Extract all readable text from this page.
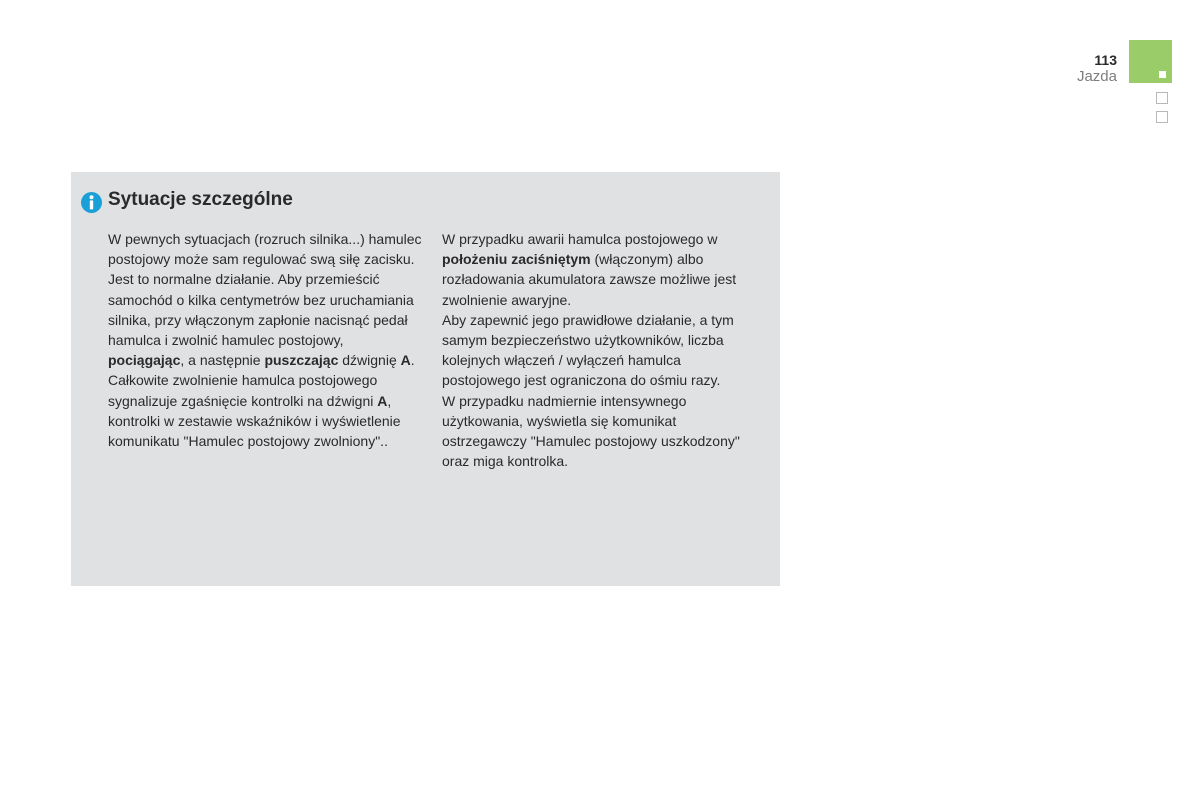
113
Jazda
Sytuacje szczególne

W pewnych sytuacjach (rozruch silnika...) hamulec postojowy może sam regulować swą siłę zacisku. Jest to normalne działanie. Aby przemieścić samochód o kilka centymetrów bez uruchamiania silnika, przy włączonym zapłonie nacisnąć pedał hamulca i zwolnić hamulec postojowy, pociągając, a następnie puszczając dźwignię A. Całkowite zwolnienie hamulca postojowego sygnalizuje zgaśnięcie kontrolki na dźwigni A, kontrolki w zestawie wskaźników i wyświetlenie komunikatu "Hamulec postojowy zwolniony"..

W przypadku awarii hamulca postojowego w położeniu zaciśniętym (włączonym) albo rozładowania akumulatora zawsze możliwe jest zwolnienie awaryjne.
Aby zapewnić jego prawidłowe działanie, a tym samym bezpieczeństwo użytkowników, liczba kolejnych włączeń / wyłączeń hamulca postojowego jest ograniczona do ośmiu razy.
W przypadku nadmiernie intensywnego użytkowania, wyświetla się komunikat ostrzegawczy "Hamulec postojowy uszkodzony" oraz miga kontrolka.
